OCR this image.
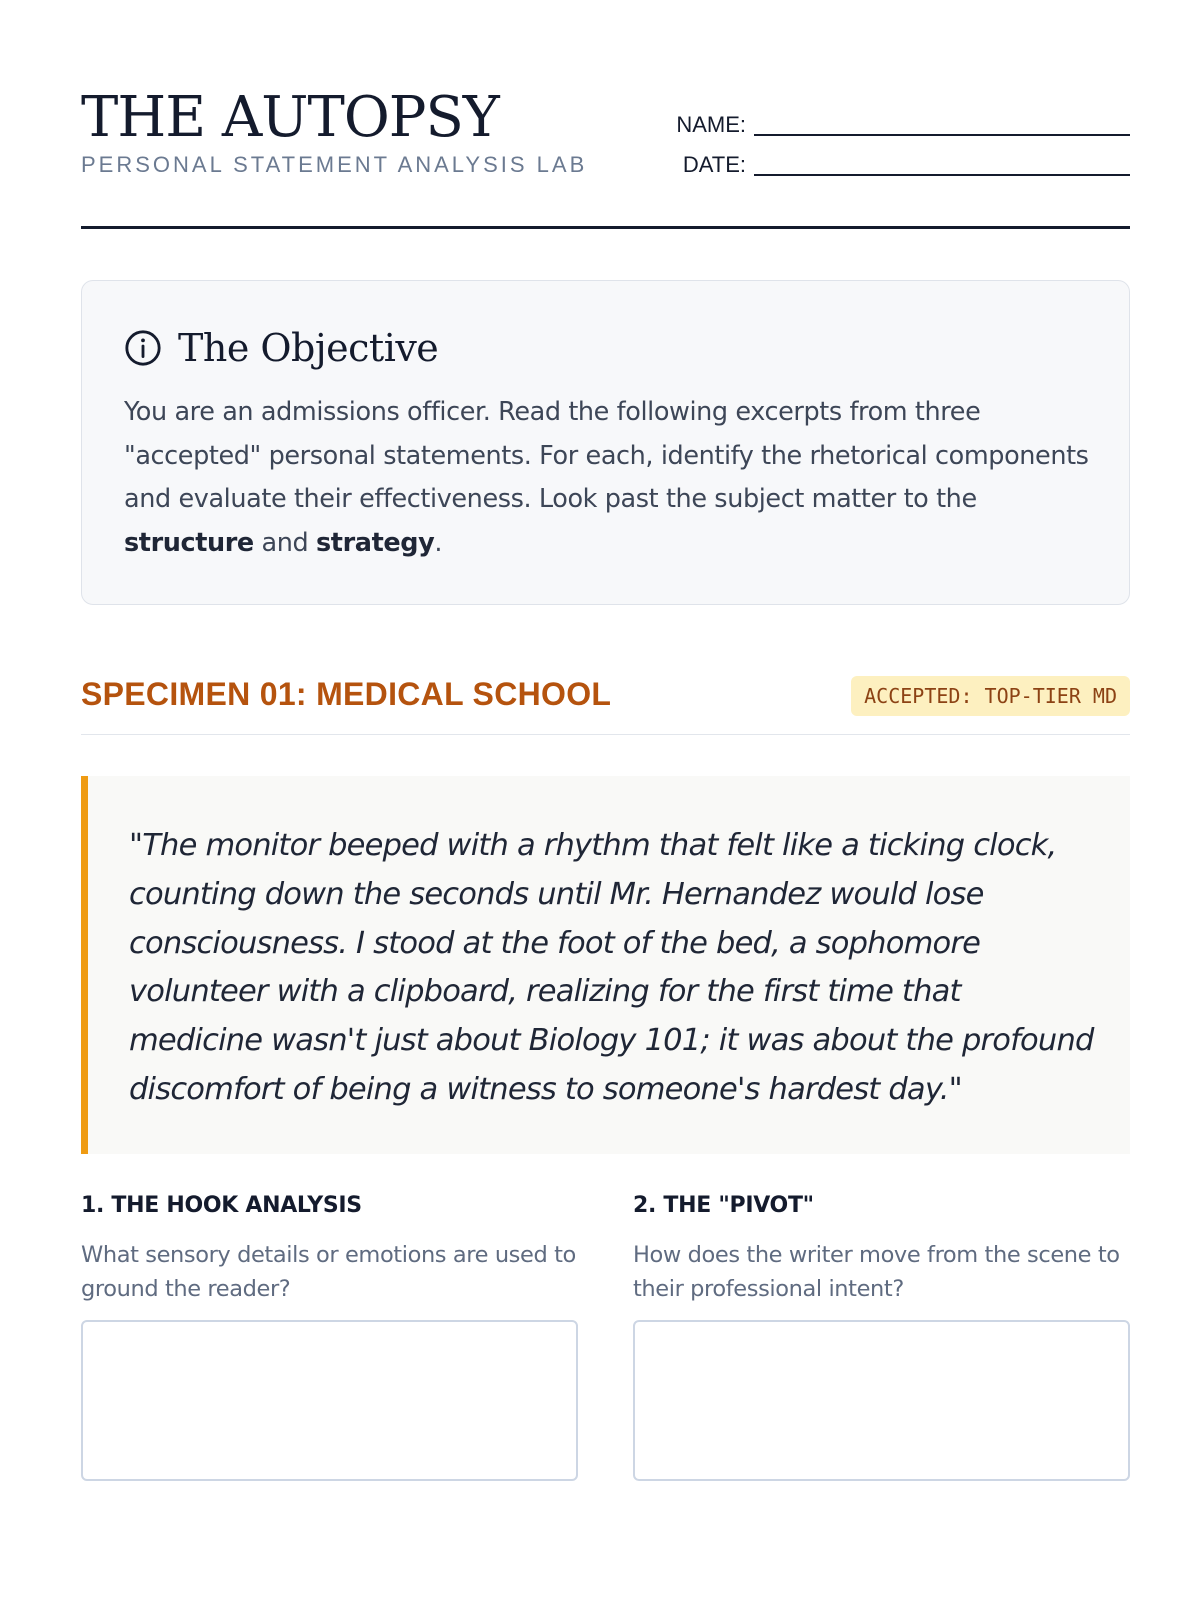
THE AUTOPSY
PERSONAL STATEMENT ANALYSIS LAB
NAME:
DATE:
The Objective

You are an admissions officer. Read the following excerpts from three "accepted" personal statements. For each, identify the rhetorical components and evaluate their effectiveness. Look past the subject matter to the structure and strategy.

SPECIMEN 01: MEDICAL SCHOOL	ACCEPTED: TOP-TIER MD

"The monitor beeped with a rhythm that felt like a ticking clock, counting down the seconds until Mr. Hernandez would lose consciousness. I stood at the foot of the bed, a sophomore volunteer with a clipboard, realizing for the first time that medicine wasn't just about Biology 101; it was about the profound discomfort of being a witness to someone's hardest day."

1. THE HOOK ANALYSIS
What sensory details or emotions are used to ground the reader?
2. THE "PIVOT"
How does the writer move from the scene to their professional intent?
